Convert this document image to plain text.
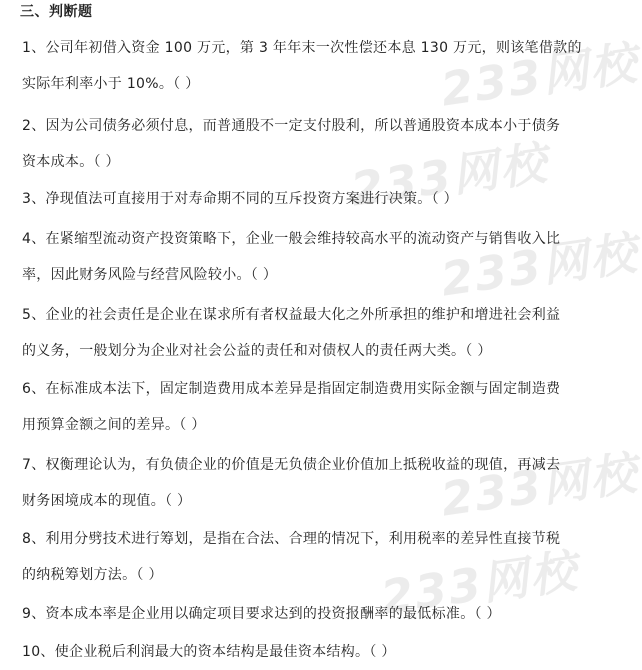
233网校
233网校
233网校
233网校
233网校
三、判断题
1、公司年初借入资金 100 万元，第 3 年年末一次性偿还本息 130 万元，则该笔借款的
实际年利率小于 10%。（ ）
2、因为公司债务必须付息，而普通股不一定支付股利，所以普通股资本成本小于债务
资本成本。（ ）
3、净现值法可直接用于对寿命期不同的互斥投资方案进行决策。（ ）
4、在紧缩型流动资产投资策略下，企业一般会维持较高水平的流动资产与销售收入比
率，因此财务风险与经营风险较小。（ ）
5、企业的社会责任是企业在谋求所有者权益最大化之外所承担的维护和增进社会利益
的义务，一般划分为企业对社会公益的责任和对债权人的责任两大类。（ ）
6、在标准成本法下，固定制造费用成本差异是指固定制造费用实际金额与固定制造费
用预算金额之间的差异。（ ）
7、权衡理论认为，有负债企业的价值是无负债企业价值加上抵税收益的现值，再减去
财务困境成本的现值。（ ）
8、利用分劈技术进行筹划，是指在合法、合理的情况下，利用税率的差异性直接节税
的纳税筹划方法。（ ）
9、资本成本率是企业用以确定项目要求达到的投资报酬率的最低标准。（ ）
10、使企业税后利润最大的资本结构是最佳资本结构。（ ）
